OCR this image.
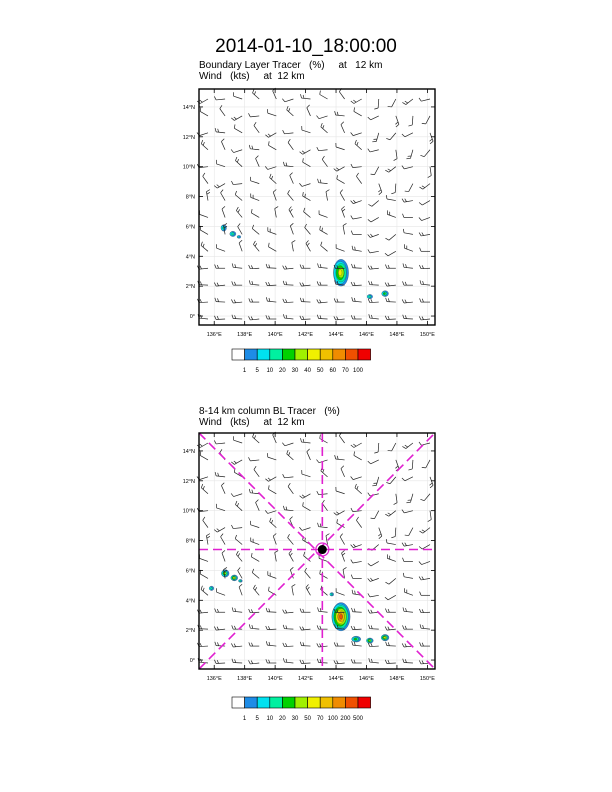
2014-01-10_18:00:00
Boundary Layer Tracer   (%)     at   12 km
Wind   (kts)     at  12 km
136°E	138°E	140°E	142°E	144°E	146°E	148°E	150°E
0°
2°N
4°N
6°N
8°N
10°N
12°N
14°N
1 5 10 20 30 40 50 60 70 100
8-14 km column BL Tracer   (%)
Wind   (kts)     at  12 km
136°E	138°E	140°E	142°E	144°E	146°E	148°E	150°E
0°
2°N
4°N
6°N
8°N
10°N
12°N
14°N
1 5 10 20 30 50 70 100 200 500
